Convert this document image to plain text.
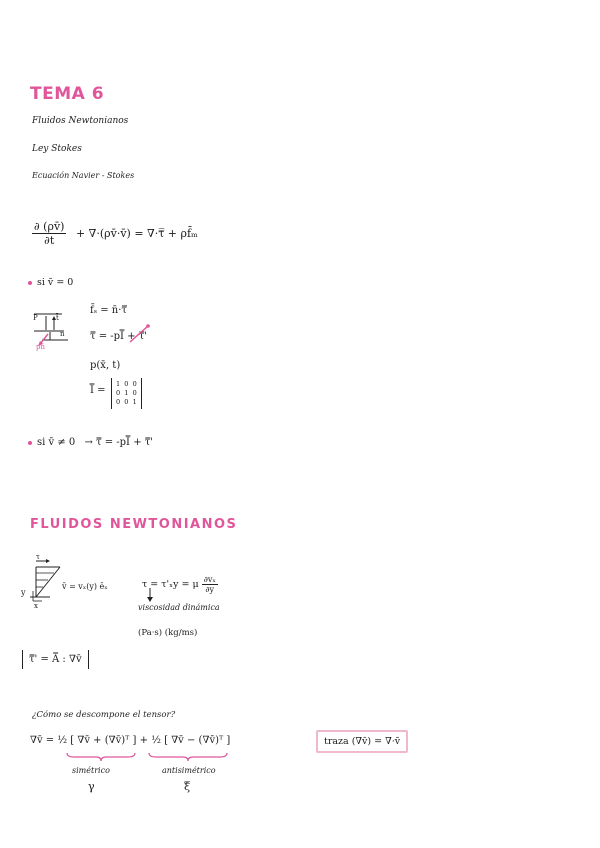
TEMA 6
Fluidos Newtonianos
Ley Stokes
Ecuación Navier - Stokes
$\frac{\partial (\rho v̄)}{\partial t}$ + ∇·(ρv̄·v̄) = ∇·τ̿ + ρf̄ₘ
si v̄ = 0
P	t̄
n̄
pn̄
f̄ₛ = n̄·τ̿
τ̿ = -pI̿ + τ̿'
p(x̄, t)
I̿ =
1 0 0
0 1 0
0 0 1
si v̄ ≠ 0 → τ̿ = -pI̿ + τ̿'
FLUIDOS NEWTONIANOS
τ
v̄ = vₓ(y) ēₓ
y
x
τ = τ'ₓy = μ $\frac{\text{∂vₓ}}{\partial y}$
viscosidad dinámica
(Pa·s) (kg/ms)
τ̿' = A̿ : ∇v̄
¿Cómo se descompone el tensor?
∇v̄ = ½ [ ∇v̄ + (∇v̄)ᵀ ] + ½ [ ∇v̄ − (∇v̄)ᵀ ]
simétrico
γ
antisimétrico
ξ̿
traza (∇v̄) = ∇·v̄
